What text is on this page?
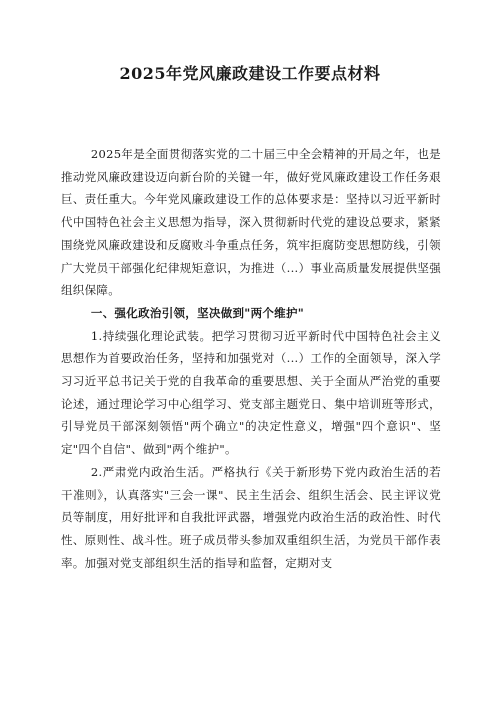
2025年党风廉政建设工作要点材料

2025年是全面贯彻落实党的二十届三中全会精神的开局之年，也是推动党风廉政建设迈向新台阶的关键一年，做好党风廉政建设工作任务艰巨、责任重大。今年党风廉政建设工作的总体要求是：坚持以习近平新时代中国特色社会主义思想为指导，深入贯彻新时代党的建设总要求，紧紧围绕党风廉政建设和反腐败斗争重点任务，筑牢拒腐防变思想防线，引领广大党员干部强化纪律规矩意识，为推进（...）事业高质量发展提供坚强组织保障。

一、强化政治引领，坚决做到"两个维护"

1.持续强化理论武装。把学习贯彻习近平新时代中国特色社会主义思想作为首要政治任务，坚持和加强党对（...）工作的全面领导，深入学习习近平总书记关于党的自我革命的重要思想、关于全面从严治党的重要论述，通过理论学习中心组学习、党支部主题党日、集中培训班等形式，引导党员干部深刻领悟"两个确立"的决定性意义，增强"四个意识"、坚定"四个自信"、做到"两个维护"。

2.严肃党内政治生活。严格执行《关于新形势下党内政治生活的若干准则》，认真落实"三会一课"、民主生活会、组织生活会、民主评议党员等制度，用好批评和自我批评武器，增强党内政治生活的政治性、时代性、原则性、战斗性。班子成员带头参加双重组织生活，为党员干部作表率。加强对党支部组织生活的指导和监督，定期对支
